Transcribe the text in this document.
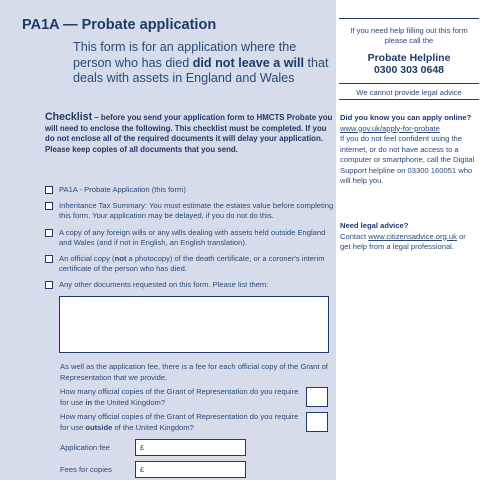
PA1A — Probate application
This form is for an application where the person who has died did not leave a will that deals with assets in England and Wales
Checklist – before you send your application form to HMCTS Probate you will need to enclose the following. This checklist must be completed. If you do not enclose all of the required documents it will delay your application. Please keep copies of all documents that you send.
PA1A - Probate Application (this form)
Inheritance Tax Summary: You must estimate the estates value before completing this form. Your application may be delayed, if you do not do this.
A copy of any foreign wills or any wills dealing with assets held outside England and Wales (and if not in English, an English translation).
An official copy (not a photocopy) of the death certificate, or a coroner's interim certificate of the person who has died.
Any other documents requested on this form. Please list them:
As well as the application fee, there is a fee for each official copy of the Grant of Representation that we provide.
How many official copies of the Grant of Representation do you require for use in the United Kingdom?
How many official copies of the Grant of Representation do you require for use outside of the United Kingdom?
Application fee	£
Fees for copies	£
If you need help filling out this form please call the
Probate Helpline
0300 303 0648
We cannot provide legal advice
Did you know you can apply online?
www.gov.uk/apply-for-probate
If you do not feel confident using the internet, or do not have access to a computer or smartphone, call the Digital Support helpline on 03300 160051 who will help you.
Need legal advice?
Contact www.citizensadvice.org.uk or get help from a legal professional.
